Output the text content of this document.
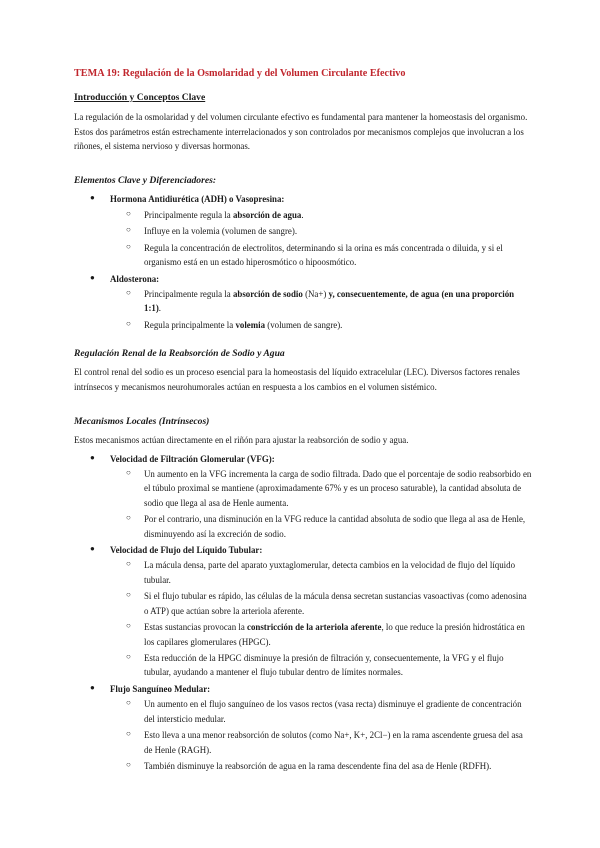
TEMA 19: Regulación de la Osmolaridad y del Volumen Circulante Efectivo
Introducción y Conceptos Clave
La regulación de la osmolaridad y del volumen circulante efectivo es fundamental para mantener la homeostasis del organismo. Estos dos parámetros están estrechamente interrelacionados y son controlados por mecanismos complejos que involucran a los riñones, el sistema nervioso y diversas hormonas.
Elementos Clave y Diferenciadores:
● Hormona Antidiurética (ADH) o Vasopresina:
○ Principalmente regula la absorción de agua.
○ Influye en la volemia (volumen de sangre).
○ Regula la concentración de electrolitos, determinando si la orina es más concentrada o diluida, y si el organismo está en un estado hiperosmótico o hipoosmótico.
● Aldosterona:
○ Principalmente regula la absorción de sodio (Na+) y, consecuentemente, de agua (en una proporción 1:1).
○ Regula principalmente la volemia (volumen de sangre).
Regulación Renal de la Reabsorción de Sodio y Agua
El control renal del sodio es un proceso esencial para la homeostasis del líquido extracelular (LEC). Diversos factores renales intrínsecos y mecanismos neurohumorales actúan en respuesta a los cambios en el volumen sistémico.
Mecanismos Locales (Intrínsecos)
Estos mecanismos actúan directamente en el riñón para ajustar la reabsorción de sodio y agua.
● Velocidad de Filtración Glomerular (VFG):
○ Un aumento en la VFG incrementa la carga de sodio filtrada. Dado que el porcentaje de sodio reabsorbido en el túbulo proximal se mantiene (aproximadamente 67% y es un proceso saturable), la cantidad absoluta de sodio que llega al asa de Henle aumenta.
○ Por el contrario, una disminución en la VFG reduce la cantidad absoluta de sodio que llega al asa de Henle, disminuyendo así la excreción de sodio.
● Velocidad de Flujo del Líquido Tubular:
○ La mácula densa, parte del aparato yuxtaglomerular, detecta cambios en la velocidad de flujo del líquido tubular.
○ Si el flujo tubular es rápido, las células de la mácula densa secretan sustancias vasoactivas (como adenosina o ATP) que actúan sobre la arteriola aferente.
○ Estas sustancias provocan la constricción de la arteriola aferente, lo que reduce la presión hidrostática en los capilares glomerulares (HPGC).
○ Esta reducción de la HPGC disminuye la presión de filtración y, consecuentemente, la VFG y el flujo tubular, ayudando a mantener el flujo tubular dentro de límites normales.
● Flujo Sanguíneo Medular:
○ Un aumento en el flujo sanguíneo de los vasos rectos (vasa recta) disminuye el gradiente de concentración del intersticio medular.
○ Esto lleva a una menor reabsorción de solutos (como Na+, K+, 2Cl−) en la rama ascendente gruesa del asa de Henle (RAGH).
○ También disminuye la reabsorción de agua en la rama descendente fina del asa de Henle (RDFH).
